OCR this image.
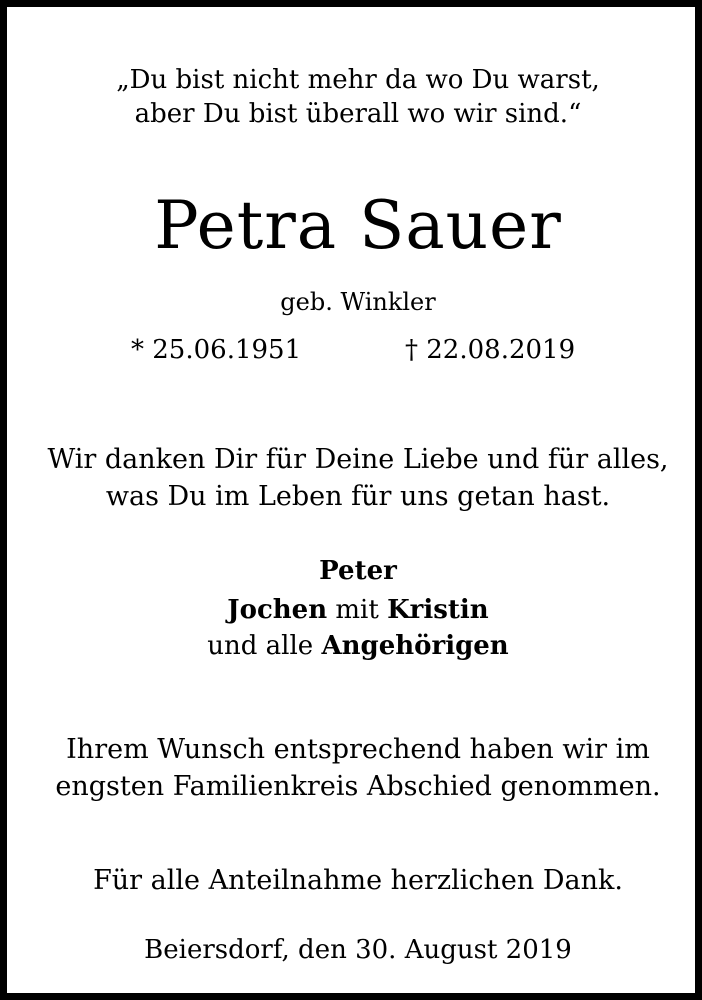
„Du bist nicht mehr da wo Du warst,
aber Du bist überall wo wir sind.“
Petra Sauer
geb. Winkler
* 25.06.1951	† 22.08.2019
Wir danken Dir für Deine Liebe und für alles,
was Du im Leben für uns getan hast.
Peter
Jochen mit Kristin
und alle Angehörigen
Ihrem Wunsch entsprechend haben wir im
engsten Familienkreis Abschied genommen.
Für alle Anteilnahme herzlichen Dank.
Beiersdorf, den 30. August 2019
